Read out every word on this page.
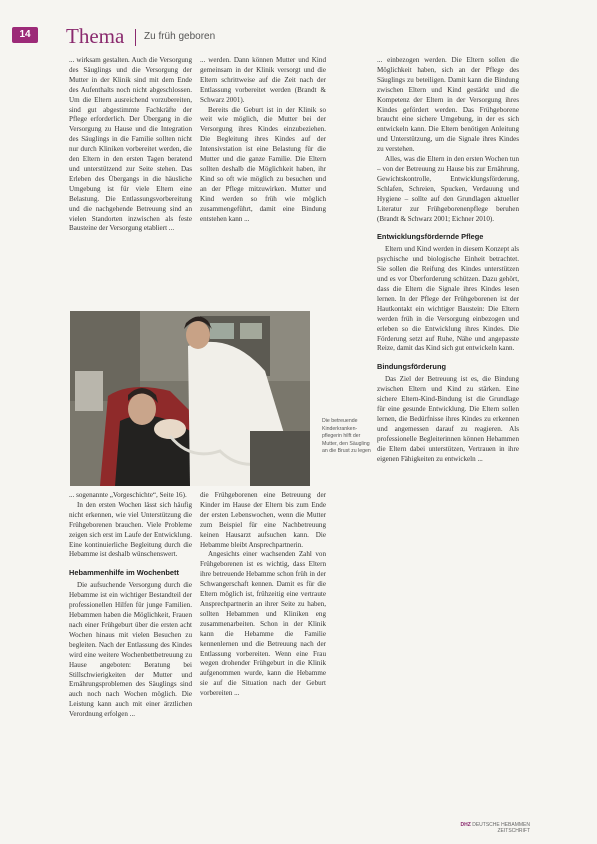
14	Thema Zu früh geboren

... wirksam gestalten. Auch die Versorgung des Säuglings und die Versorgung der Mutter in der Klinik sind mit dem Ende des Aufenthalts noch nicht abgeschlossen. Um die Eltern ausreichend vorzubereiten, sind gut abgestimmte Fachkräfte der Pflege erforderlich. Der Übergang in die Versorgung zu Hause und die Integration des Säuglings in die Familie sollten nicht nur durch Kliniken vorbereitet werden, die den Eltern in den ersten Tagen beratend und unterstützend zur Seite stehen. Das Erleben des Übergangs in die häusliche Umgebung ist für viele Eltern eine Belastung. Die Entlassungsvorbereitung und die nachgehende Betreuung sind an vielen Standorten inzwischen als feste Bausteine der Versorgung etabliert ...

... werden. Dann können Mutter und Kind gemeinsam in der Klinik versorgt und die Eltern schrittweise auf die Zeit nach der Entlassung vorbereitet werden (Brandt & Schwarz 2001).

Bereits die Geburt ist in der Klinik so weit wie möglich, die Mutter bei der Versorgung ihres Kindes einzubeziehen. Die Begleitung ihres Kindes auf der Intensivstation ist eine Belastung für die Mutter und die ganze Familie. Die Eltern sollten deshalb die Möglichkeit haben, ihr Kind so oft wie möglich zu besuchen und an der Pflege mitzuwirken. Mutter und Kind werden so früh wie möglich zusammengeführt, damit eine Bindung entstehen kann ...

Die betreuende Kinderkranken-pflegerin hilft der Mutter, den Säugling an die Brust zu legen

... sogenannte „Vorgeschichte“, Seite 16).

In den ersten Wochen lässt sich häufig nicht erkennen, wie viel Unterstützung die Frühgeborenen brauchen. Viele Probleme zeigen sich erst im Laufe der Entwicklung. Eine kontinuierliche Begleitung durch die Hebamme ist deshalb wünschenswert.

Hebammenhilfe im Wochenbett

Die aufsuchende Versorgung durch die Hebamme ist ein wichtiger Bestandteil der professionellen Hilfen für junge Familien. Hebammen haben die Möglichkeit, Frauen nach einer Frühgeburt über die ersten acht Wochen hinaus mit vielen Besuchen zu begleiten. Nach der Entlassung des Kindes wird eine weitere Wochenbettbetreuung zu Hause angeboten: Beratung bei Stillschwierigkeiten der Mutter und Ernährungsproblemen des Säuglings sind auch noch nach Wochen möglich. Die Leistung kann auch mit einer ärztlichen Verordnung erfolgen ...

die Frühgeborenen eine Betreuung der Kinder im Hause der Eltern bis zum Ende der ersten Lebenswochen, wenn die Mutter zum Beispiel für eine Nachbetreuung keinen Hausarzt aufsuchen kann. Die Hebamme bleibt Ansprechpartnerin.

Angesichts einer wachsenden Zahl von Frühgeborenen ist es wichtig, dass Eltern ihre betreuende Hebamme schon früh in der Schwangerschaft kennen. Damit es für die Eltern möglich ist, frühzeitig eine vertraute Ansprechpartnerin an ihrer Seite zu haben, sollten Hebammen und Kliniken eng zusammenarbeiten. Schon in der Klinik kann die Hebamme die Familie kennenlernen und die Betreuung nach der Entlassung vorbereiten. Wenn eine Frau wegen drohender Frühgeburt in die Klinik aufgenommen wurde, kann die Hebamme sie auf die Situation nach der Geburt vorbereiten ...

... einbezogen werden. Die Eltern sollen die Möglichkeit haben, sich an der Pflege des Säuglings zu beteiligen. Damit kann die Bindung zwischen Eltern und Kind gestärkt und die Kompetenz der Eltern in der Versorgung ihres Kindes gefördert werden. Das Frühgeborene braucht eine sichere Umgebung, in der es sich entwickeln kann. Die Eltern benötigen Anleitung und Unterstützung, um die Signale ihres Kindes zu verstehen.

Alles, was die Eltern in den ersten Wochen tun – von der Betreuung zu Hause bis zur Ernährung, Gewichtskontrolle, Entwicklungsförderung, Schlafen, Schreien, Spucken, Verdauung und Hygiene – sollte auf den Grundlagen aktueller Literatur zur Frühgeborenenpflege beruhen (Brandt & Schwarz 2001; Eichner 2010).

Entwicklungsfördernde Pflege

Eltern und Kind werden in diesem Konzept als psychische und biologische Einheit betrachtet. Sie sollen die Reifung des Kindes unterstützen und es vor Überforderung schützen. Dazu gehört, dass die Eltern die Signale ihres Kindes lesen lernen. In der Pflege der Frühgeborenen ist der Hautkontakt ein wichtiger Baustein: Die Eltern werden früh in die Versorgung einbezogen und erleben so die Entwicklung ihres Kindes. Die Förderung setzt auf Ruhe, Nähe und angepasste Reize, damit das Kind sich gut entwickeln kann.

Bindungsförderung

Das Ziel der Betreuung ist es, die Bindung zwischen Eltern und Kind zu stärken. Eine sichere Eltern-Kind-Bindung ist die Grundlage für eine gesunde Entwicklung. Die Eltern sollen lernen, die Bedürfnisse ihres Kindes zu erkennen und angemessen darauf zu reagieren. Als professionelle Begleiterinnen können Hebammen die Eltern dabei unterstützen, Vertrauen in ihre eigenen Fähigkeiten zu entwickeln ...

DHZ DEUTSCHE HEBAMMEN ZEITSCHRIFT
